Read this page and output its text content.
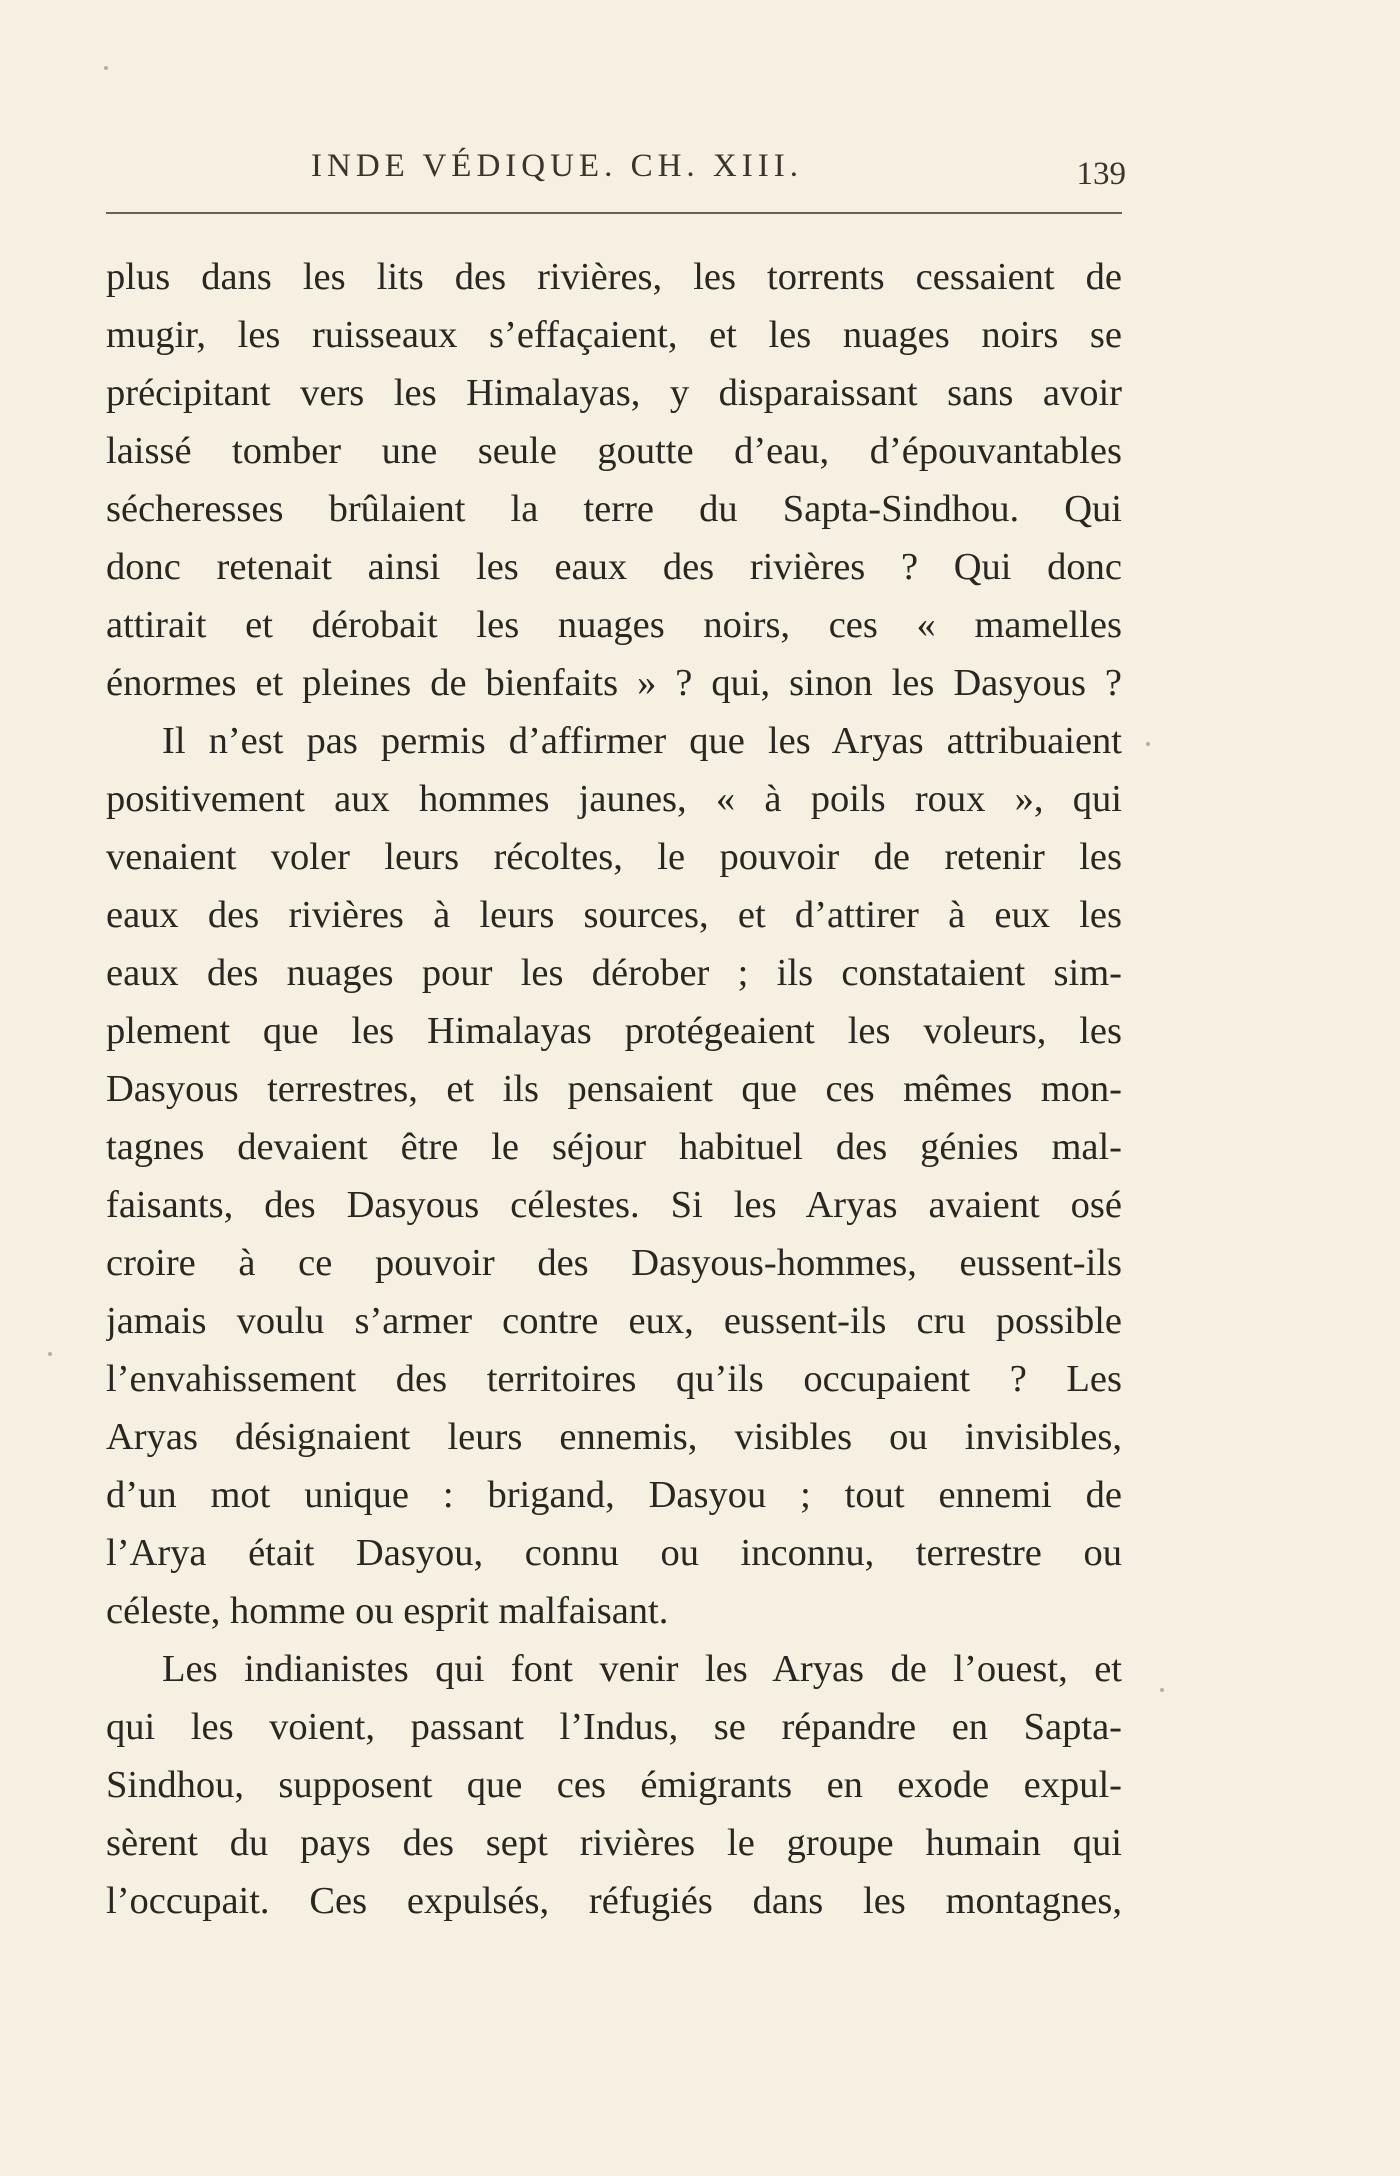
INDE VÉDIQUE. CH. XIII.	139
plus dans les lits des rivières, les torrents cessaient de
mugir, les ruisseaux s’effaçaient, et les nuages noirs se
précipitant vers les Himalayas, y disparaissant sans avoir
laissé tomber une seule goutte d’eau, d’épouvantables
sécheresses brûlaient la terre du Sapta-Sindhou. Qui
donc retenait ainsi les eaux des rivières ? Qui donc
attirait et dérobait les nuages noirs, ces « mamelles
énormes et pleines de bienfaits » ? qui, sinon les Dasyous ?
Il n’est pas permis d’affirmer que les Aryas attribuaient
positivement aux hommes jaunes, « à poils roux », qui
venaient voler leurs récoltes, le pouvoir de retenir les
eaux des rivières à leurs sources, et d’attirer à eux les
eaux des nuages pour les dérober ; ils constataient sim-
plement que les Himalayas protégeaient les voleurs, les
Dasyous terrestres, et ils pensaient que ces mêmes mon-
tagnes devaient être le séjour habituel des génies mal-
faisants, des Dasyous célestes. Si les Aryas avaient osé
croire à ce pouvoir des Dasyous-hommes, eussent-ils
jamais voulu s’armer contre eux, eussent-ils cru possible
l’envahissement des territoires qu’ils occupaient ? Les
Aryas désignaient leurs ennemis, visibles ou invisibles,
d’un mot unique : brigand, Dasyou ; tout ennemi de
l’Arya était Dasyou, connu ou inconnu, terrestre ou
céleste, homme ou esprit malfaisant.
Les indianistes qui font venir les Aryas de l’ouest, et
qui les voient, passant l’Indus, se répandre en Sapta-
Sindhou, supposent que ces émigrants en exode expul-
sèrent du pays des sept rivières le groupe humain qui
l’occupait. Ces expulsés, réfugiés dans les montagnes,
